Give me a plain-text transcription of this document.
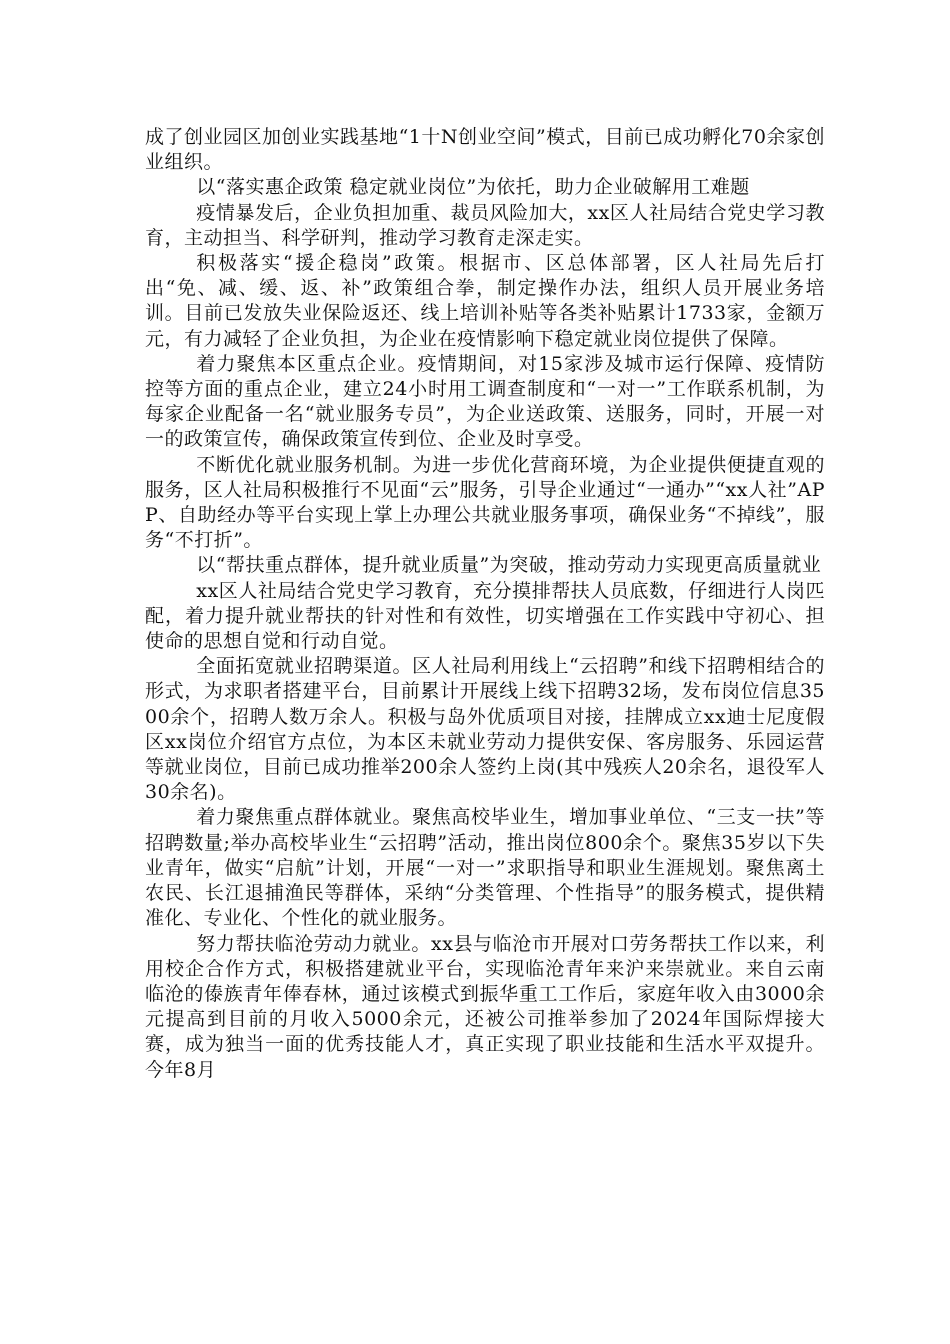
成了创业园区加创业实践基地“1十N创业空间”模式，目前已成功孵化70余家创业组织。

以“落实惠企政策 稳定就业岗位”为依托，助力企业破解用工难题

疫情暴发后，企业负担加重、裁员风险加大，xx区人社局结合党史学习教育，主动担当、科学研判，推动学习教育走深走实。

积极落实“援企稳岗”政策。根据市、区总体部署，区人社局先后打出“免、减、缓、返、补”政策组合拳，制定操作办法，组织人员开展业务培训。目前已发放失业保险返还、线上培训补贴等各类补贴累计1733家，金额万元，有力减轻了企业负担，为企业在疫情影响下稳定就业岗位提供了保障。

着力聚焦本区重点企业。疫情期间，对15家涉及城市运行保障、疫情防控等方面的重点企业，建立24小时用工调查制度和“一对一”工作联系机制，为每家企业配备一名“就业服务专员”，为企业送政策、送服务，同时，开展一对一的政策宣传，确保政策宣传到位、企业及时享受。

不断优化就业服务机制。为进一步优化营商环境，为企业提供便捷直观的服务，区人社局积极推行不见面“云”服务，引导企业通过“一通办”“xx人社”APP、自助经办等平台实现上掌上办理公共就业服务事项，确保业务“不掉线”，服务“不打折”。

以“帮扶重点群体，提升就业质量”为突破，推动劳动力实现更高质量就业

xx区人社局结合党史学习教育，充分摸排帮扶人员底数，仔细进行人岗匹配，着力提升就业帮扶的针对性和有效性，切实增强在工作实践中守初心、担使命的思想自觉和行动自觉。

全面拓宽就业招聘渠道。区人社局利用线上“云招聘”和线下招聘相结合的形式，为求职者搭建平台，目前累计开展线上线下招聘32场，发布岗位信息3500余个，招聘人数万余人。积极与岛外优质项目对接，挂牌成立xx迪士尼度假区xx岗位介绍官方点位，为本区未就业劳动力提供安保、客房服务、乐园运营等就业岗位，目前已成功推举200余人签约上岗(其中残疾人20余名，退役军人30余名)。

着力聚焦重点群体就业。聚焦高校毕业生，增加事业单位、“三支一扶”等招聘数量;举办高校毕业生“云招聘”活动，推出岗位800余个。聚焦35岁以下失业青年，做实“启航”计划，开展“一对一”求职指导和职业生涯规划。聚焦离土农民、长江退捕渔民等群体，采纳“分类管理、个性指导”的服务模式，提供精准化、专业化、个性化的就业服务。

努力帮扶临沧劳动力就业。xx县与临沧市开展对口劳务帮扶工作以来，利用校企合作方式，积极搭建就业平台，实现临沧青年来沪来崇就业。来自云南临沧的傣族青年俸春林，通过该模式到振华重工工作后，家庭年收入由3000余元提高到目前的月收入5000余元，还被公司推举参加了2024年国际焊接大赛，成为独当一面的优秀技能人才，真正实现了职业技能和生活水平双提升。今年8月
